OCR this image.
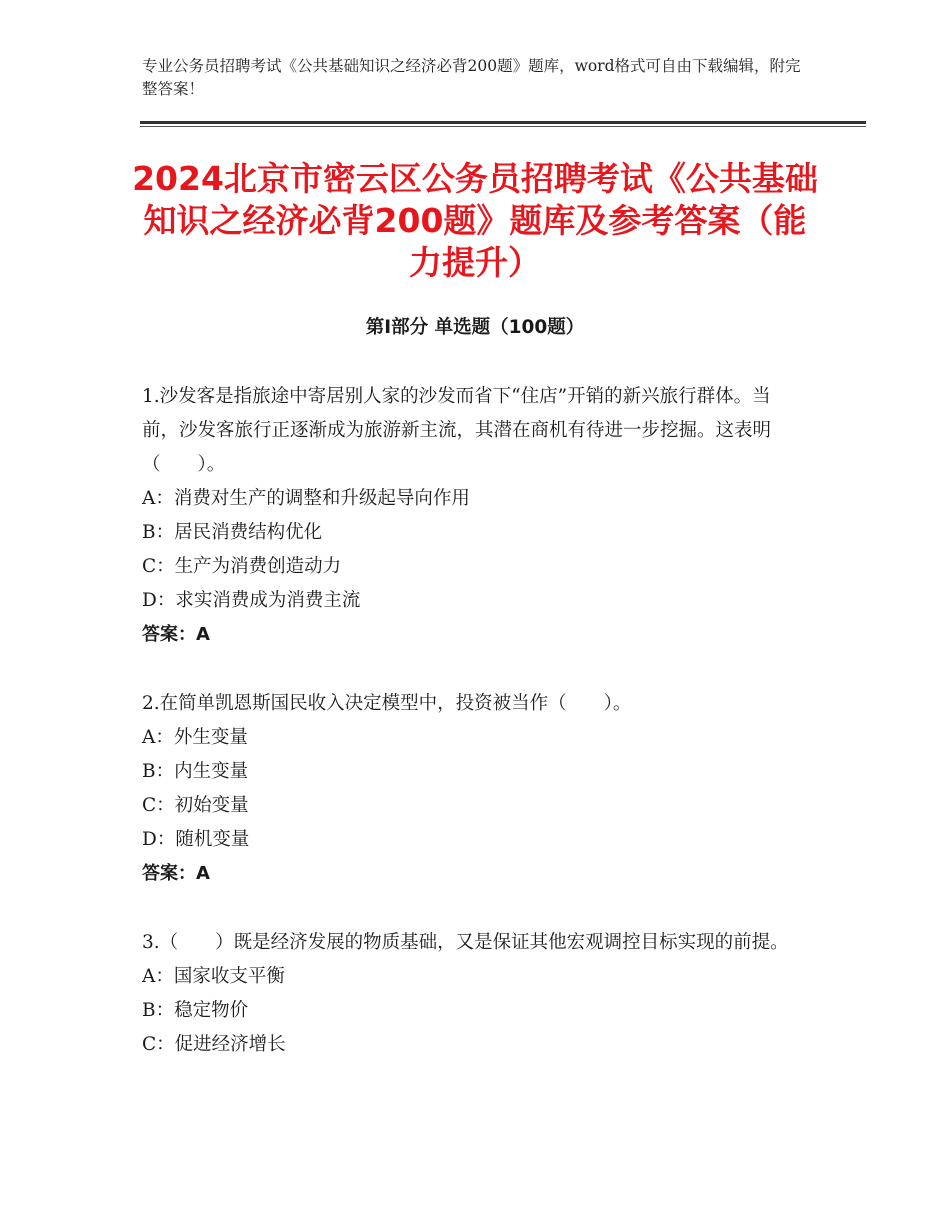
专业公务员招聘考试《公共基础知识之经济必背200题》题库，word格式可自由下载编辑，附完整答案！
2024北京市密云区公务员招聘考试《公共基础知识之经济必背200题》题库及参考答案（能力提升）
第Ⅰ部分 单选题（100题）

1.沙发客是指旅途中寄居别人家的沙发而省下“住店”开销的新兴旅行群体。当前，沙发客旅行正逐渐成为旅游新主流，其潜在商机有待进一步挖掘。这表明（　　）。

A：消费对生产的调整和升级起导向作用

B：居民消费结构优化

C：生产为消费创造动力

D：求实消费成为消费主流

答案：A

2.在简单凯恩斯国民收入决定模型中，投资被当作（　　）。

A：外生变量

B：内生变量

C：初始变量

D：随机变量

答案：A

3.（　　）既是经济发展的物质基础，又是保证其他宏观调控目标实现的前提。

A：国家收支平衡

B：稳定物价

C：促进经济增长
